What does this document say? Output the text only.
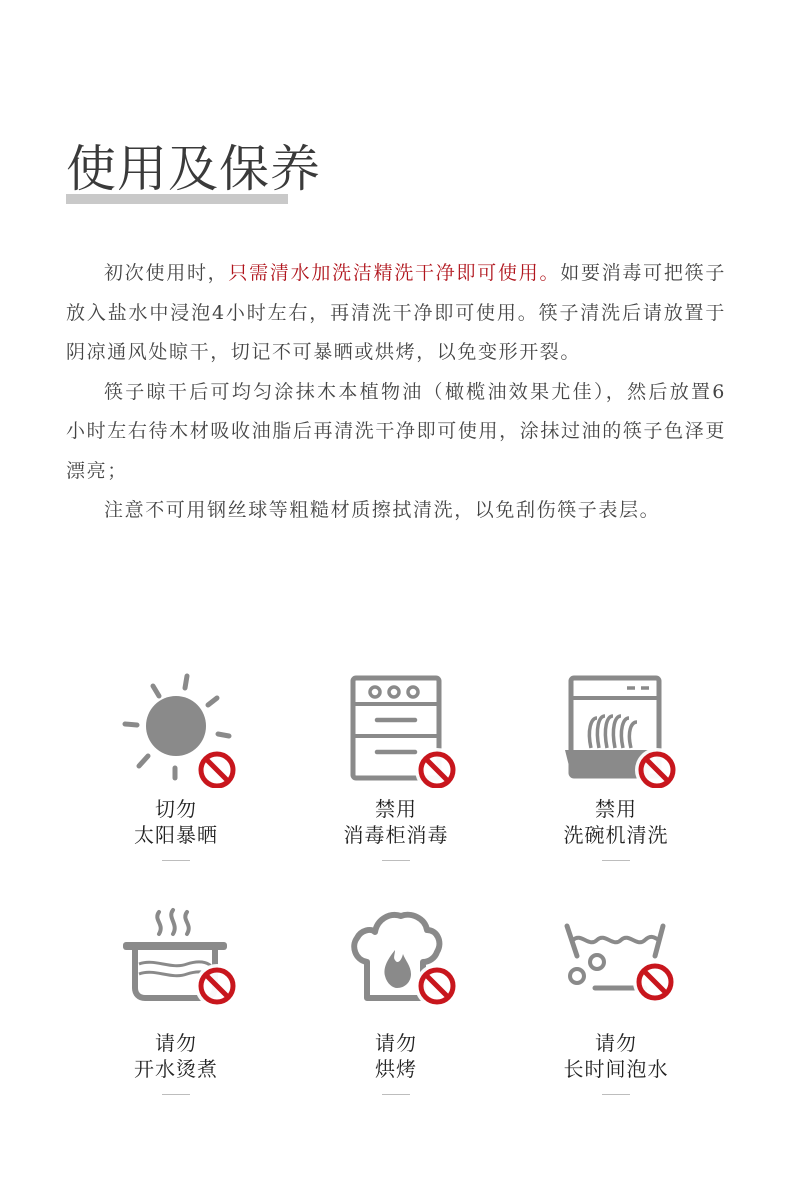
使用及保养

初次使用时，只需清水加洗洁精洗干净即可使用。如要消毒可把筷子放入盐水中浸泡4小时左右，再清洗干净即可使用。筷子清洗后请放置于阴凉通风处晾干，切记不可暴晒或烘烤，以免变形开裂。

筷子晾干后可均匀涂抹木本植物油（橄榄油效果尤佳），然后放置6小时左右待木材吸收油脂后再清洗干净即可使用，涂抹过油的筷子色泽更漂亮；

注意不可用钢丝球等粗糙材质擦拭清洗，以免刮伤筷子表层。

切勿
太阳暴晒
禁用
消毒柜消毒
禁用
洗碗机清洗
请勿
开水烫煮
请勿
烘烤
请勿
长时间泡水
